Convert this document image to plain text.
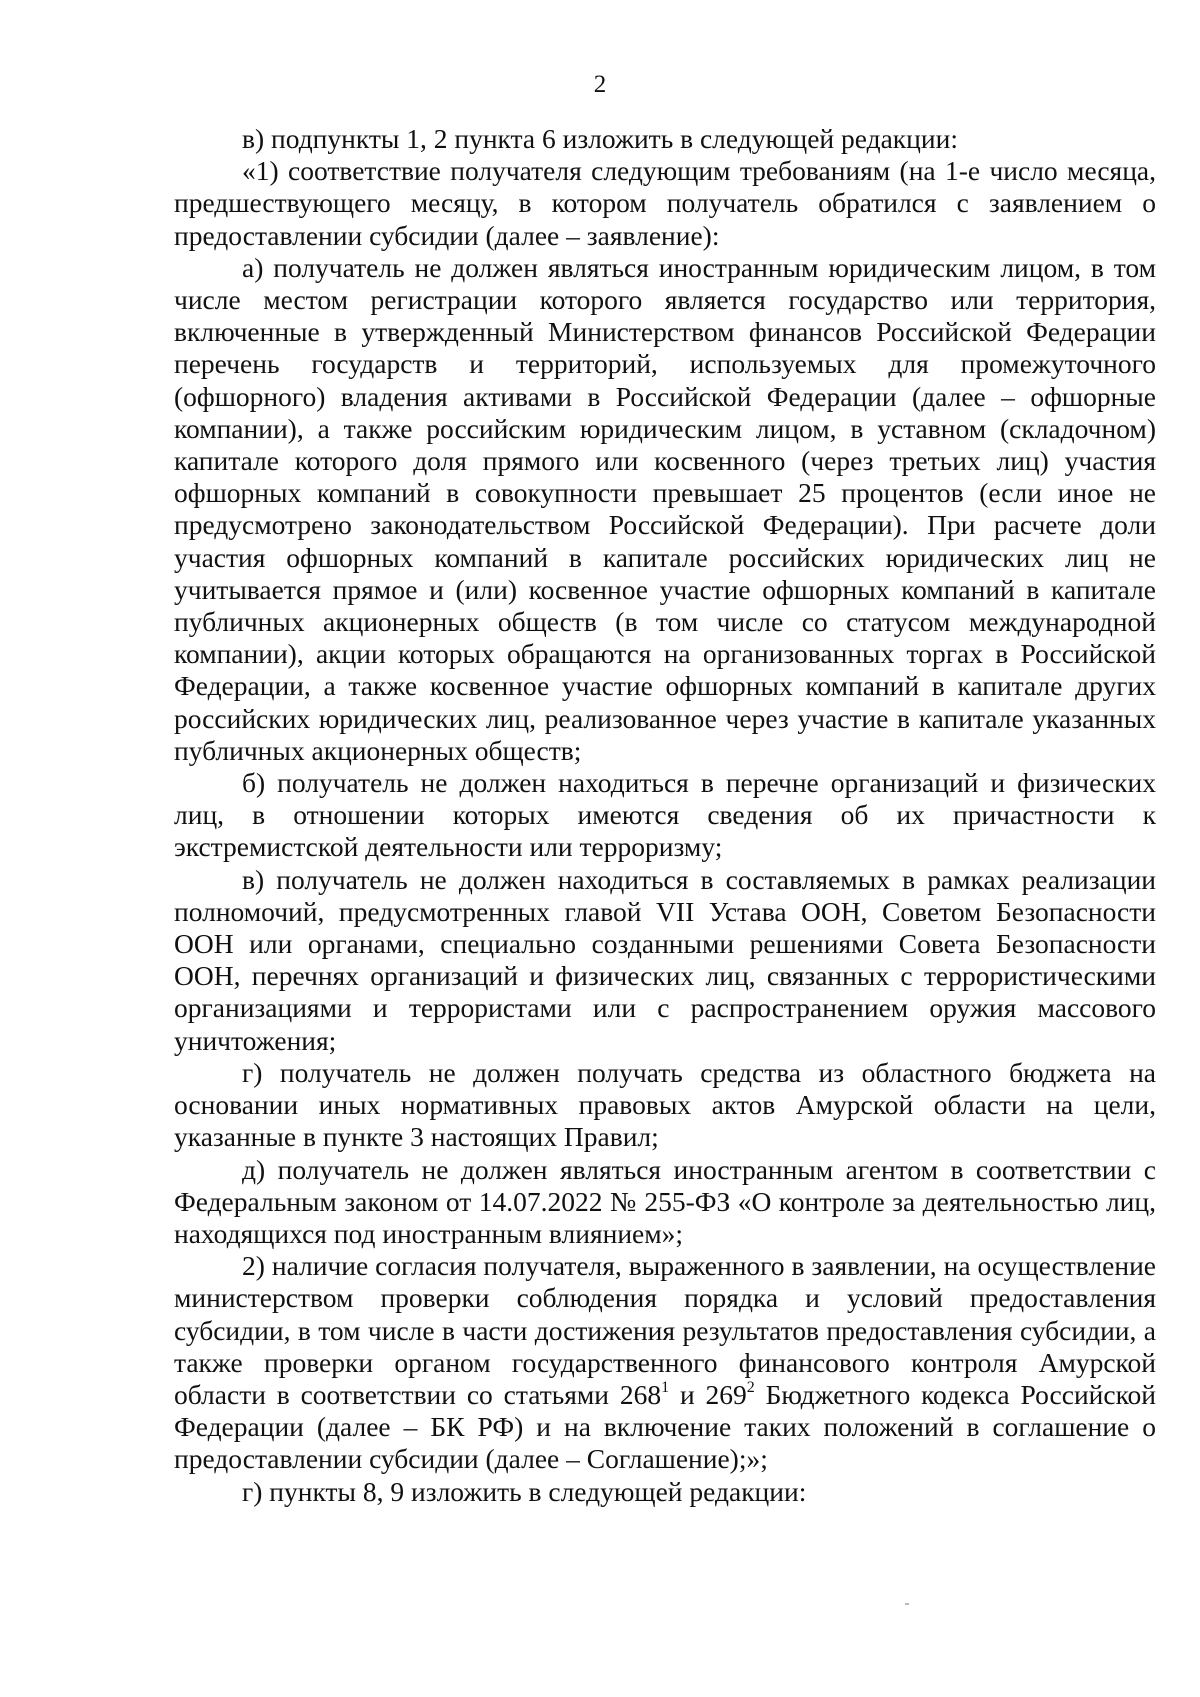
2

в) подпункты 1, 2 пункта 6 изложить в следующей редакции:

«1) соответствие получателя следующим требованиям (на 1-е число месяца, предшествующего месяцу, в котором получатель обратился с заявлением о предоставлении субсидии (далее – заявление):

а) получатель не должен являться иностранным юридическим лицом, в том числе местом регистрации которого является государство или территория, включенные в утвержденный Министерством финансов Российской Федерации перечень государств и территорий, используемых для промежуточного (офшорного) владения активами в Российской Федерации (далее – офшорные компании), а также российским юридическим лицом, в уставном (складочном) капитале которого доля прямого или косвенного (через третьих лиц) участия офшорных компаний в совокупности превышает 25 процентов (если иное не предусмотрено законодательством Российской Федерации). При расчете доли участия офшорных компаний в капитале российских юридических лиц не учитывается прямое и (или) косвенное участие офшорных компаний в капитале публичных акционерных обществ (в том числе со статусом международной компании), акции которых обращаются на организованных торгах в Российской Федерации, а также косвенное участие офшорных компаний в капитале других российских юридических лиц, реализованное через участие в капитале указанных публичных акционерных обществ;

б) получатель не должен находиться в перечне организаций и физических лиц, в отношении которых имеются сведения об их причастности к экстремистской деятельности или терроризму;

в) получатель не должен находиться в составляемых в рамках реализации полномочий, предусмотренных главой VII Устава ООН, Советом Безопасности ООН или органами, специально созданными решениями Совета Безопасности ООН, перечнях организаций и физических лиц, связанных с террористическими организациями и террористами или с распространением оружия массового уничтожения;

г) получатель не должен получать средства из областного бюджета на основании иных нормативных правовых актов Амурской области на цели, указанные в пункте 3 настоящих Правил;

д) получатель не должен являться иностранным агентом в соответствии с Федеральным законом от 14.07.2022 № 255-ФЗ «О контроле за деятельностью лиц, находящихся под иностранным влиянием»;

2) наличие согласия получателя, выраженного в заявлении, на осуществление министерством проверки соблюдения порядка и условий предоставления субсидии, в том числе в части достижения результатов предоставления субсидии, а также проверки органом государственного финансового контроля Амурской области в соответствии со статьями $268^1$ и $269^2$ Бюджетного кодекса Российской Федерации (далее – БК РФ) и на включение таких положений в соглашение о предоставлении субсидии (далее – Соглашение);»;

г) пункты 8, 9 изложить в следующей редакции:
